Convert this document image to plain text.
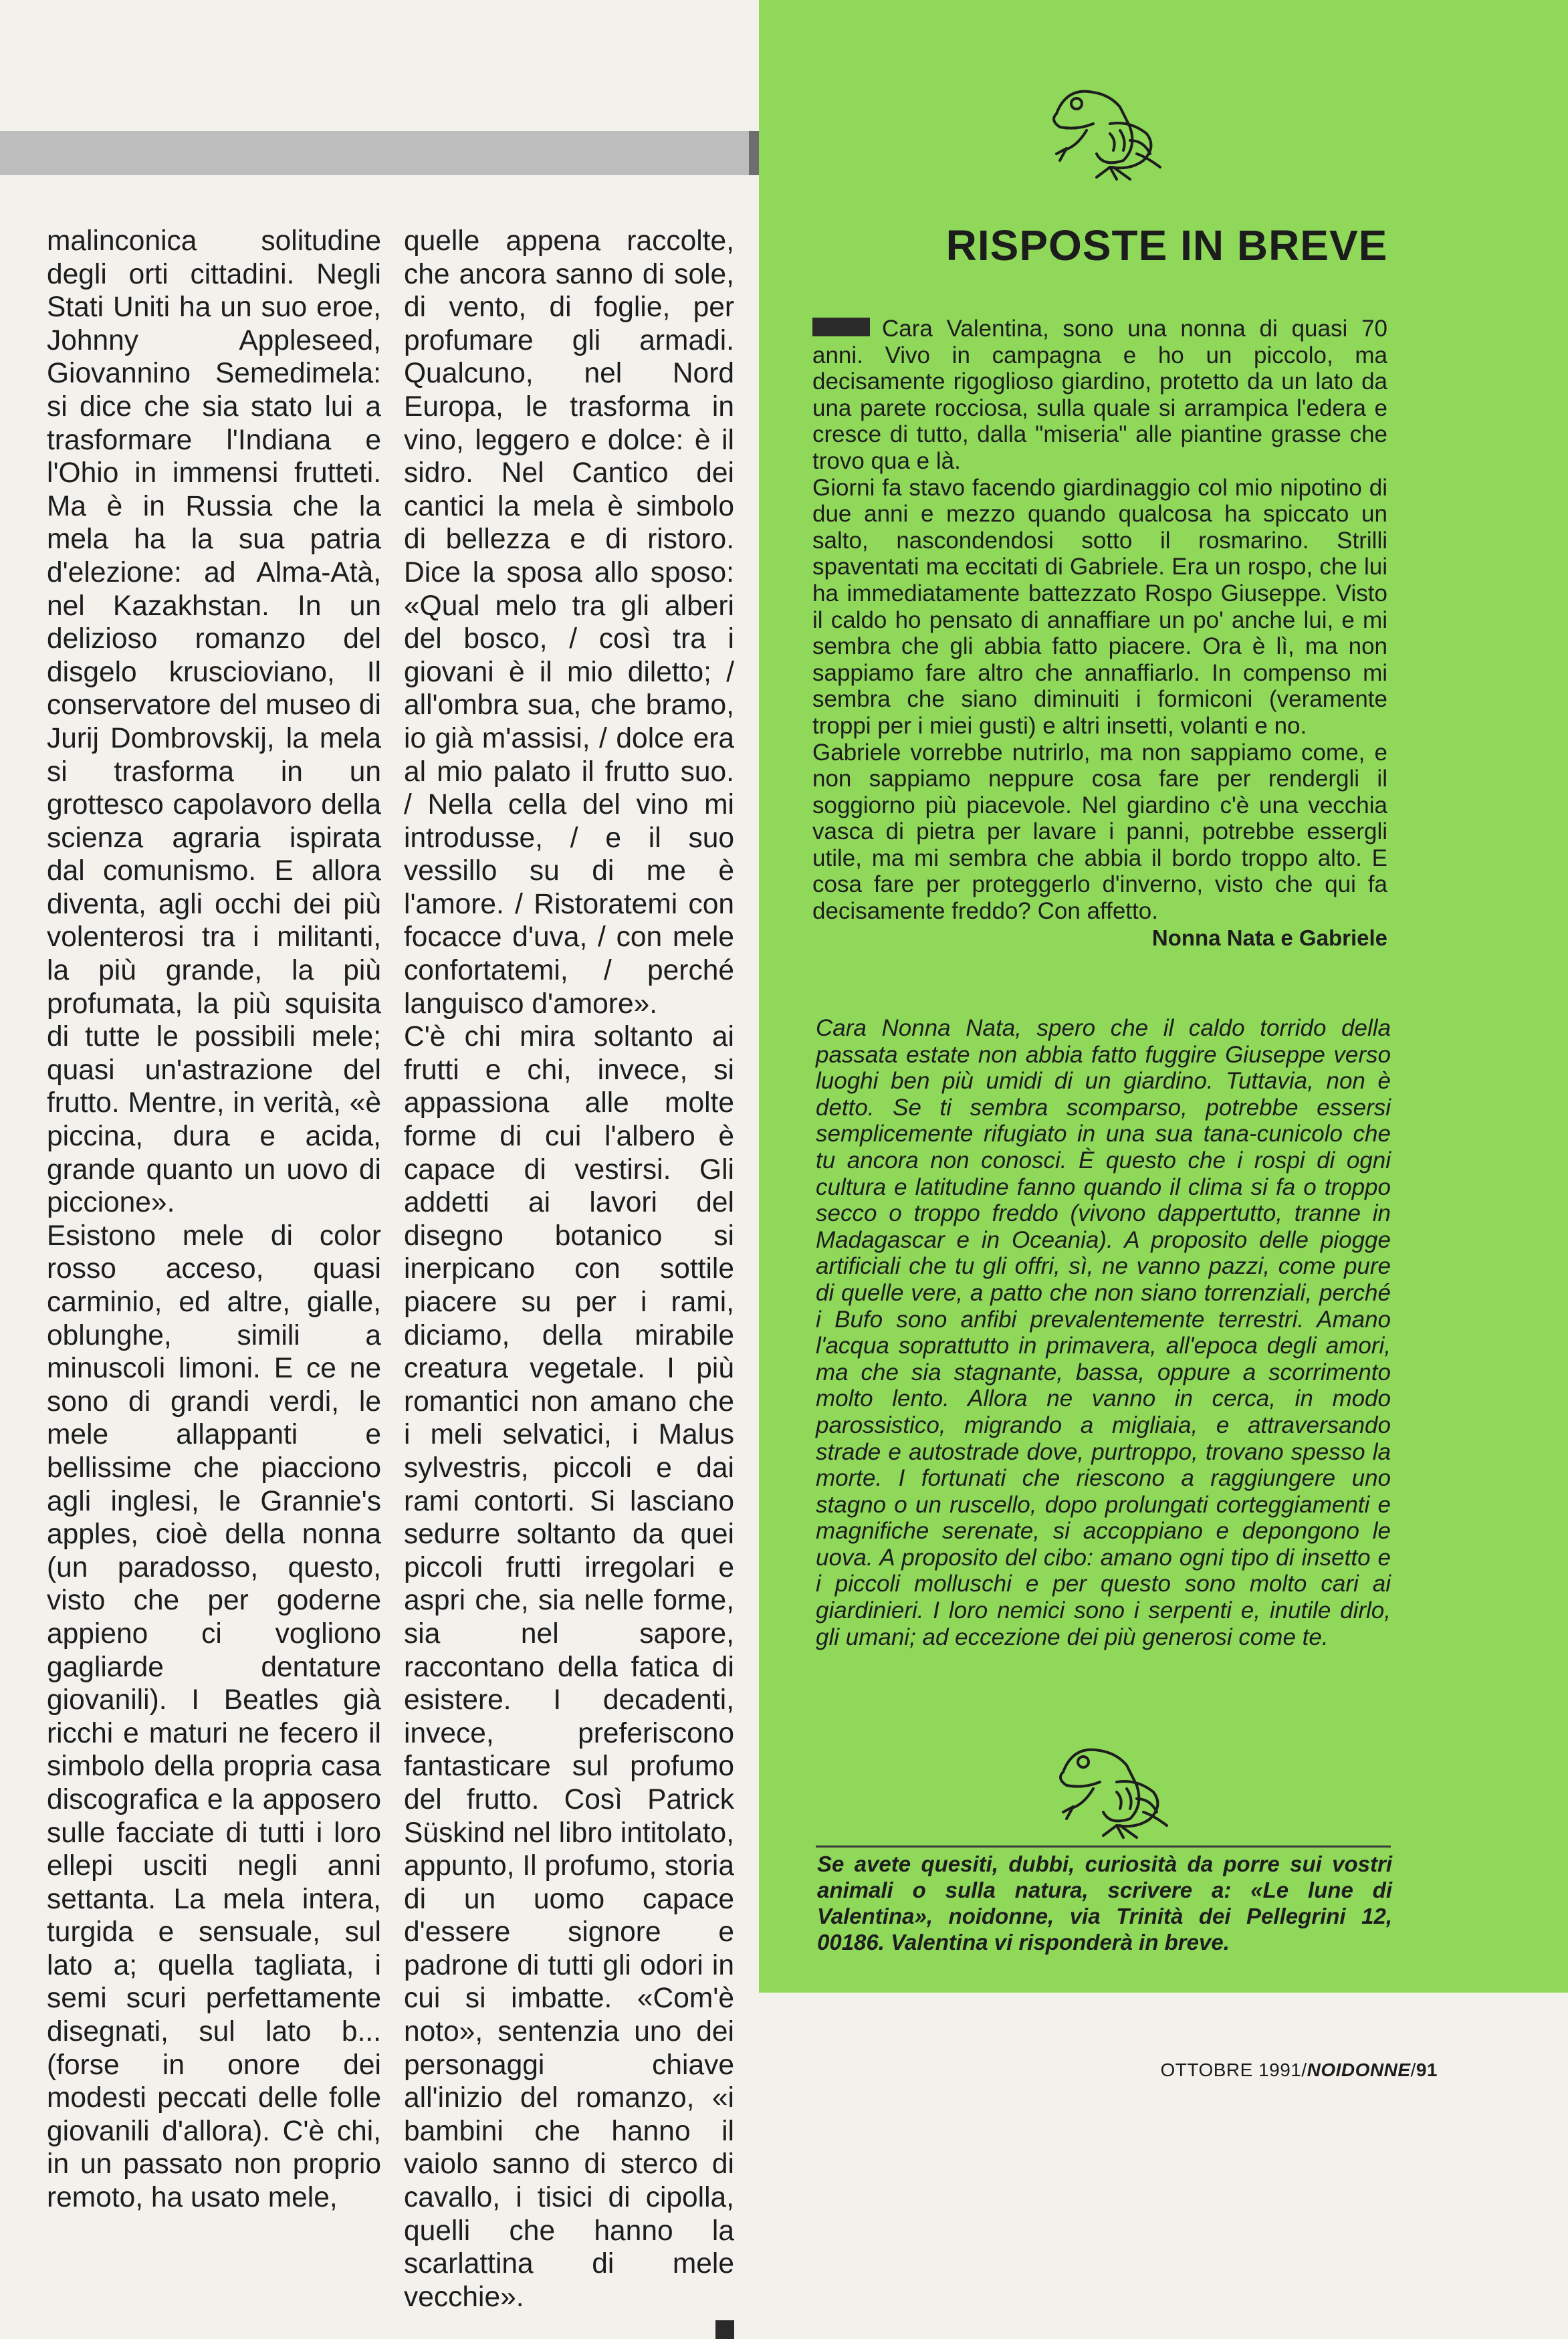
malinconica solitudine degli orti cittadini. Negli Stati Uniti ha un suo eroe, Johnny Appleseed, Giovannino Semedimela: si dice che sia stato lui a trasformare l'Indiana e l'Ohio in immensi frutteti. Ma è in Russia che la mela ha la sua patria d'elezione: ad Alma-Atà, nel Kazakhstan. In un delizioso romanzo del disgelo kruscioviano, Il conservatore del museo di Jurij Dombrovskij, la mela si trasforma in un grottesco capolavoro della scienza agraria ispirata dal comunismo. E allora diventa, agli occhi dei più volenterosi tra i militanti, la più grande, la più profumata, la più squisita di tutte le possibili mele; quasi un'astrazione del frutto. Mentre, in verità, «è piccina, dura e acida, grande quanto un uovo di piccione».

Esistono mele di color rosso acceso, quasi carminio, ed altre, gialle, oblunghe, simili a minuscoli limoni. E ce ne sono di grandi verdi, le mele allappanti e bellissime che piacciono agli inglesi, le Grannie's apples, cioè della nonna (un paradosso, questo, visto che per goderne appieno ci vogliono gagliarde dentature giovanili). I Beatles già ricchi e maturi ne fecero il simbolo della propria casa discografica e la apposero sulle facciate di tutti i loro ellepi usciti negli anni settanta. La mela intera, turgida e sensuale, sul lato a; quella tagliata, i semi scuri perfettamente disegnati, sul lato b... (forse in onore dei modesti peccati delle folle giovanili d'allora). C'è chi, in un passato non proprio remoto, ha usato mele,

quelle appena raccolte, che ancora sanno di sole, di vento, di foglie, per profumare gli armadi. Qualcuno, nel Nord Europa, le trasforma in vino, leggero e dolce: è il sidro. Nel Cantico dei cantici la mela è simbolo di bellezza e di ristoro. Dice la sposa allo sposo: «Qual melo tra gli alberi del bosco, / così tra i giovani è il mio diletto; / all'ombra sua, che bramo, io già m'assisi, / dolce era al mio palato il frutto suo. / Nella cella del vino mi introdusse, / e il suo vessillo su di me è l'amore. / Ristoratemi con focacce d'uva, / con mele confortatemi, / perché languisco d'amore».

C'è chi mira soltanto ai frutti e chi, invece, si appassiona alle molte forme di cui l'albero è capace di vestirsi. Gli addetti ai lavori del disegno botanico si inerpicano con sottile piacere su per i rami, diciamo, della mirabile creatura vegetale. I più romantici non amano che i meli selvatici, i Malus sylvestris, piccoli e dai rami contorti. Si lasciano sedurre soltanto da quei piccoli frutti irregolari e aspri che, sia nelle forme, sia nel sapore, raccontano della fatica di esistere. I decadenti, invece, preferiscono fantasticare sul profumo del frutto. Così Patrick Süskind nel libro intitolato, appunto, Il profumo, storia di un uomo capace d'essere signore e padrone di tutti gli odori in cui si imbatte. «Com'è noto», sentenzia uno dei personaggi chiave all'inizio del romanzo, «i bambini che hanno il vaiolo sanno di sterco di cavallo, i tisici di cipolla, quelli che hanno la scarlattina di mele vecchie».

RISPOSTE IN BREVE

Cara Valentina, sono una nonna di quasi 70 anni. Vivo in campagna e ho un piccolo, ma decisamente rigoglioso giardino, protetto da un lato da una parete rocciosa, sulla quale si arrampica l'edera e cresce di tutto, dalla "miseria" alle piantine grasse che trovo qua e là.

Giorni fa stavo facendo giardinaggio col mio nipotino di due anni e mezzo quando qualcosa ha spiccato un salto, nascondendosi sotto il rosmarino. Strilli spaventati ma eccitati di Gabriele. Era un rospo, che lui ha immediatamente battezzato Rospo Giuseppe. Visto il caldo ho pensato di annaffiare un po' anche lui, e mi sembra che gli abbia fatto piacere. Ora è lì, ma non sappiamo fare altro che annaffiarlo. In compenso mi sembra che siano diminuiti i formiconi (veramente troppi per i miei gusti) e altri insetti, volanti e no.

Gabriele vorrebbe nutrirlo, ma non sappiamo come, e non sappiamo neppure cosa fare per rendergli il soggiorno più piacevole. Nel giardino c'è una vecchia vasca di pietra per lavare i panni, potrebbe essergli utile, ma mi sembra che abbia il bordo troppo alto. E cosa fare per proteggerlo d'inverno, visto che qui fa decisamente freddo? Con affetto.

Nonna Nata e Gabriele

Cara Nonna Nata, spero che il caldo torrido della passata estate non abbia fatto fuggire Giuseppe verso luoghi ben più umidi di un giardino. Tuttavia, non è detto. Se ti sembra scomparso, potrebbe essersi semplicemente rifugiato in una sua tana-cunicolo che tu ancora non conosci. È questo che i rospi di ogni cultura e latitudine fanno quando il clima si fa o troppo secco o troppo freddo (vivono dappertutto, tranne in Madagascar e in Oceania). A proposito delle piogge artificiali che tu gli offri, sì, ne vanno pazzi, come pure di quelle vere, a patto che non siano torrenziali, perché i Bufo sono anfibi prevalentemente terrestri. Amano l'acqua soprattutto in primavera, all'epoca degli amori, ma che sia stagnante, bassa, oppure a scorrimento molto lento. Allora ne vanno in cerca, in modo parossistico, migrando a migliaia, e attraversando strade e autostrade dove, purtroppo, trovano spesso la morte. I fortunati che riescono a raggiungere uno stagno o un ruscello, dopo prolungati corteggiamenti e magnifiche serenate, si accoppiano e depongono le uova. A proposito del cibo: amano ogni tipo di insetto e i piccoli molluschi e per questo sono molto cari ai giardinieri. I loro nemici sono i serpenti e, inutile dirlo, gli umani; ad eccezione dei più generosi come te.
Se avete quesiti, dubbi, curiosità da porre sui vostri animali o sulla natura, scrivere a: «Le lune di Valentina», noidonne, via Trinità dei Pellegrini 12, 00186. Valentina vi risponderà in breve.
OTTOBRE 1991/NOIDONNE/91
